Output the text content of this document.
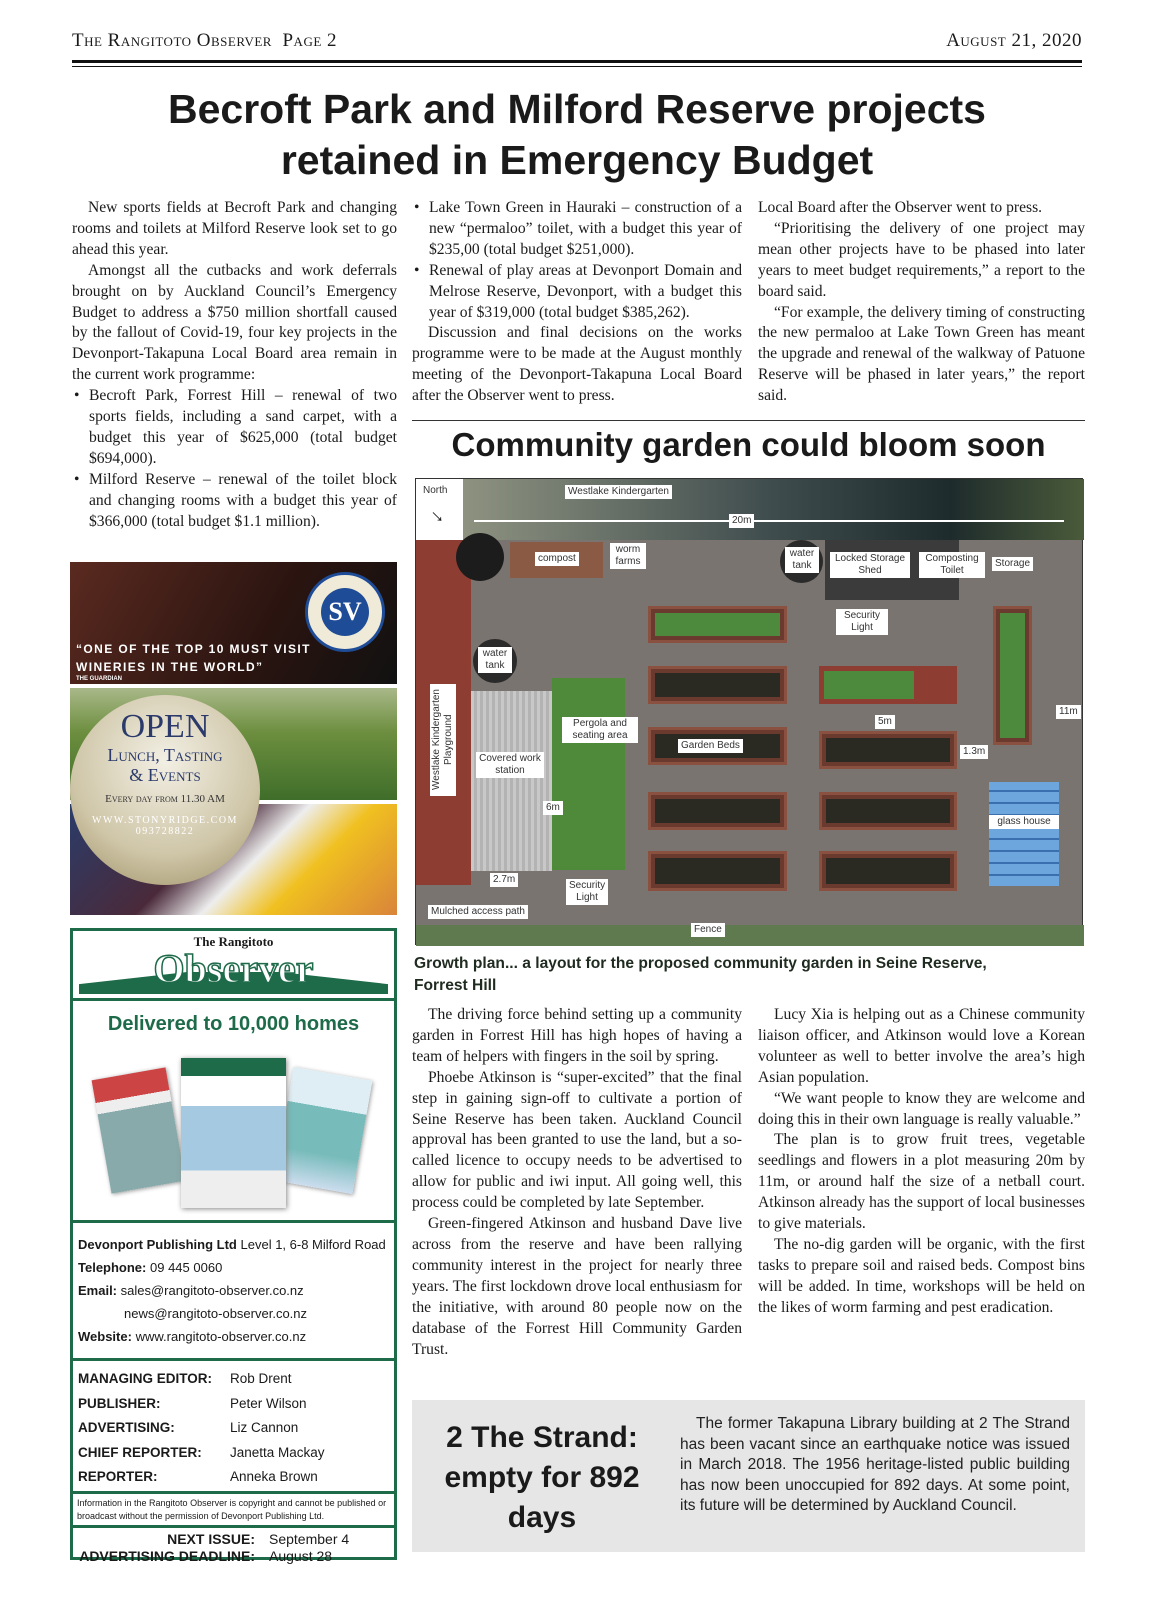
The Rangitoto Observer Page 2	August 21, 2020
Becroft Park and Milford Reserve projects
retained in Emergency Budget

New sports fields at Becroft Park and changing rooms and toilets at Milford Reserve look set to go ahead this year.

Amongst all the cutbacks and work deferrals brought on by Auckland Council’s Emergency Budget to address a $750 million shortfall caused by the fallout of Covid-19, four key projects in the Devonport-Takapuna Local Board area remain in the current work programme:

• Becroft Park, Forrest Hill – renewal of two sports fields, including a sand carpet, with a budget this year of $625,000 (total budget $694,000).
• Milford Reserve – renewal of the toilet block and changing rooms with a budget this year of $366,000 (total budget $1.1 million).
• Lake Town Green in Hauraki – construction of a new “permaloo” toilet, with a budget this year of $235,00 (total budget $251,000).
• Renewal of play areas at Devonport Domain and Melrose Reserve, Devonport, with a budget this year of $319,000 (total budget $385,262).

Discussion and final decisions on the works programme were to be made at the August monthly meeting of the Devonport-Takapuna Local Board after the Observer went to press.

Local Board after the Observer went to press.

“Prioritising the delivery of one project may mean other projects have to be phased into later years to meet budget requirements,” a report to the board said.

“For example, the delivery timing of constructing the new permaloo at Lake Town Green has meant the upgrade and renewal of the walkway of Patuone Reserve will be phased in later years,” the report said.

Community garden could bloom soon
North
↓
Westlake Kindergarten
20m
compost
worm farms
water tank
Locked Storage Shed
Composting Toilet
Storage
Security Light
water tank
Westlake Kindergarten Playground	Covered work station
Pergola and seating area
6m
Garden Beds
5m
1.3m
glass house
11m
2.7m
Security Light
Mulched access path
Fence
Growth plan... a layout for the proposed community garden in Seine Reserve, Forrest Hill

The driving force behind setting up a community garden in Forrest Hill has high hopes of having a team of helpers with fingers in the soil by spring.

Phoebe Atkinson is “super-excited” that the final step in gaining sign-off to cultivate a portion of Seine Reserve has been taken. Auckland Council approval has been granted to use the land, but a so-called licence to occupy needs to be advertised to allow for public and iwi input. All going well, this process could be completed by late September.

Green-fingered Atkinson and husband Dave live across from the reserve and have been rallying community interest in the project for nearly three years. The first lockdown drove local enthusiasm for the initiative, with around 80 people now on the database of the Forrest Hill Community Garden Trust.

Lucy Xia is helping out as a Chinese community liaison officer, and Atkinson would love a Korean volunteer as well to better involve the area’s high Asian population.

“We want people to know they are welcome and doing this in their own language is really valuable.”

The plan is to grow fruit trees, vegetable seedlings and flowers in a plot measuring 20m by 11m, or around half the size of a netball court. Atkinson already has the support of local businesses to give materials.

The no-dig garden will be organic, with the first tasks to prepare soil and raised beds. Compost bins will be added. In time, workshops will be held on the likes of worm farming and pest eradication.

2 The Strand: empty for 892 days

The former Takapuna Library building at 2 The Strand has been vacant since an earthquake notice was issued in March 2018. The 1956 heritage-listed public building has now been unoccupied for 892 days. At some point, its future will be determined by Auckland Council.

SV
“ONE OF THE TOP 10 MUST VISIT WINERIES IN THE WORLD”
THE GUARDIAN
OPEN
Lunch, Tasting
& Events
Every day from 11.30 AM
WWW.STONYRIDGE.COM
093728822
The Rangitoto
Observer
Delivered to 10,000 homes
Devonport Publishing Ltd Level 1, 6-8 Milford Road
Telephone: 09 445 0060
Email: sales@rangitoto-observer.co.nz
news@rangitoto-observer.co.nz
Website: www.rangitoto-observer.co.nz
MANAGING EDITOR:	Rob Drent
PUBLISHER:	Peter Wilson
ADVERTISING:	Liz Cannon
CHIEF REPORTER:	Janetta Mackay
REPORTER:	Anneka Brown
Information in the Rangitoto Observer is copyright and cannot be published or broadcast without the permission of Devonport Publishing Ltd.
NEXT ISSUE:	September 4
ADVERTISING DEADLINE:	August 28
